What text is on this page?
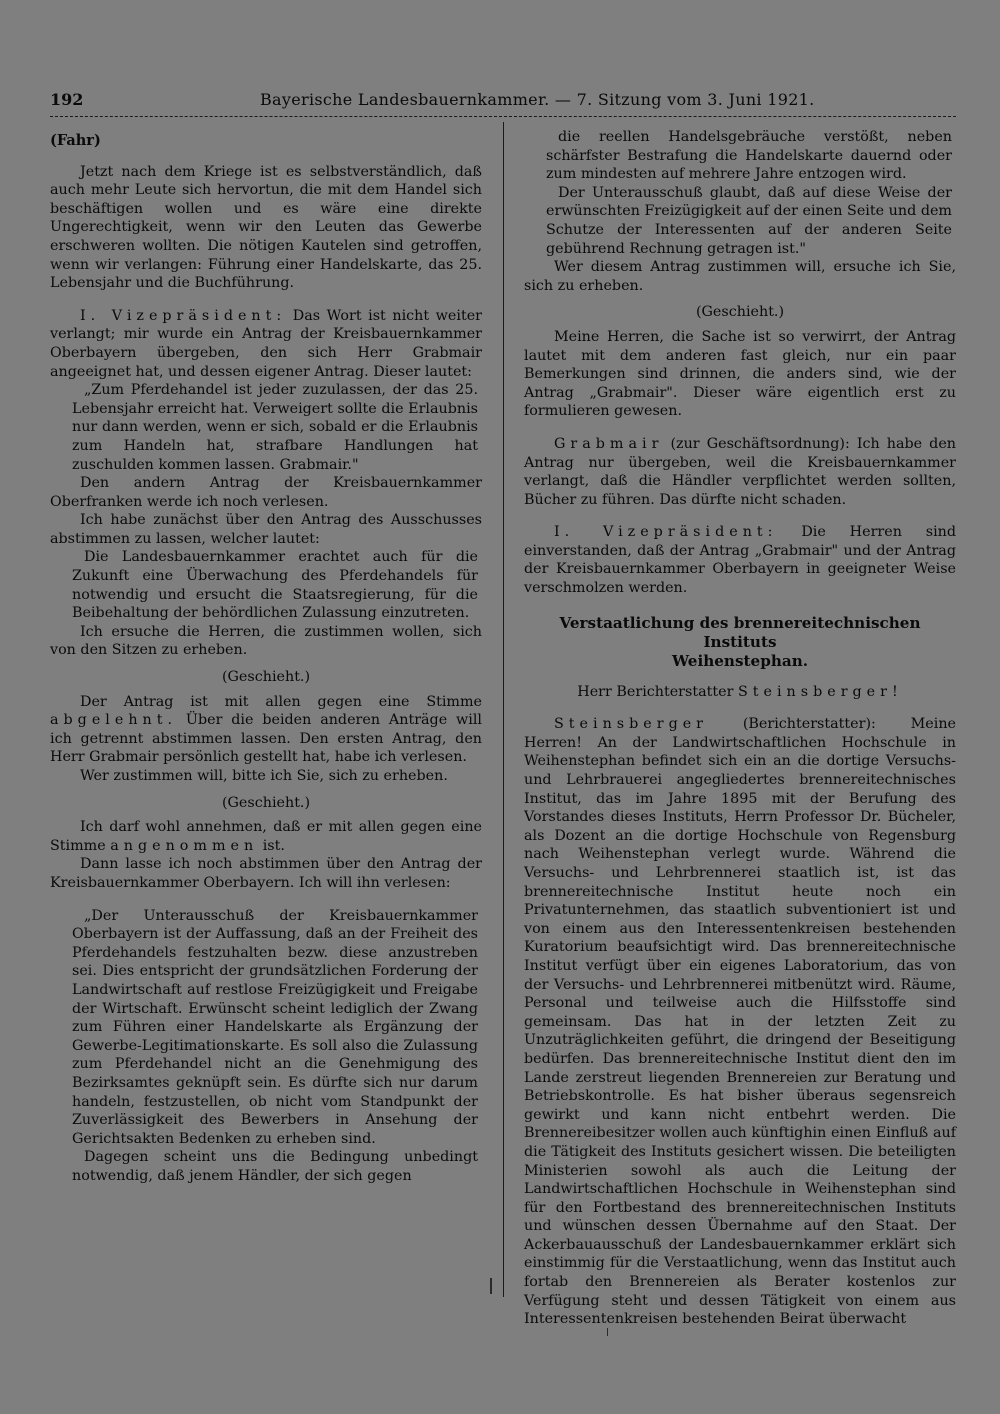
192	Bayerische Landesbauernkammer. — 7. Sitzung vom 3. Juni 1921.

(Fahr)

Jetzt nach dem Kriege ist es selbstverständlich, daß auch mehr Leute sich hervortun, die mit dem Handel sich beschäftigen wollen und es wäre eine direkte Ungerechtigkeit, wenn wir den Leuten das Gewerbe erschweren wollten. Die nötigen Kautelen sind getroffen, wenn wir verlangen: Führung einer Handelskarte, das 25. Lebensjahr und die Buchführung.

I. Vizepräsident: Das Wort ist nicht weiter verlangt; mir wurde ein Antrag der Kreisbauernkammer Oberbayern übergeben, den sich Herr Grabmair angeeignet hat, und dessen eigener Antrag. Dieser lautet:

„Zum Pferdehandel ist jeder zuzulassen, der das 25. Lebensjahr erreicht hat. Verweigert sollte die Erlaubnis nur dann werden, wenn er sich, sobald er die Erlaubnis zum Handeln hat, strafbare Handlungen hat zuschulden kommen lassen. Grabmair."

Den andern Antrag der Kreisbauernkammer Oberfranken werde ich noch verlesen.

Ich habe zunächst über den Antrag des Ausschusses abstimmen zu lassen, welcher lautet:

Die Landesbauernkammer erachtet auch für die Zukunft eine Überwachung des Pferdehandels für notwendig und ersucht die Staatsregierung, für die Beibehaltung der behördlichen Zulassung einzutreten.

Ich ersuche die Herren, die zustimmen wollen, sich von den Sitzen zu erheben.

(Geschieht.)

Der Antrag ist mit allen gegen eine Stimme abgelehnt. Über die beiden anderen Anträge will ich getrennt abstimmen lassen. Den ersten Antrag, den Herr Grabmair persönlich gestellt hat, habe ich verlesen.

Wer zustimmen will, bitte ich Sie, sich zu erheben.

(Geschieht.)

Ich darf wohl annehmen, daß er mit allen gegen eine Stimme angenommen ist.

Dann lasse ich noch abstimmen über den Antrag der Kreisbauernkammer Oberbayern. Ich will ihn verlesen:

„Der Unterausschuß der Kreisbauernkammer Oberbayern ist der Auffassung, daß an der Freiheit des Pferdehandels festzuhalten bezw. diese anzustreben sei. Dies entspricht der grundsätzlichen Forderung der Landwirtschaft auf restlose Freizügigkeit und Freigabe der Wirtschaft. Erwünscht scheint lediglich der Zwang zum Führen einer Handelskarte als Ergänzung der Gewerbe-Legitimationskarte. Es soll also die Zulassung zum Pferdehandel nicht an die Genehmigung des Bezirksamtes geknüpft sein. Es dürfte sich nur darum handeln, festzustellen, ob nicht vom Standpunkt der Zuverlässigkeit des Bewerbers in Ansehung der Gerichtsakten Bedenken zu erheben sind.

Dagegen scheint uns die Bedingung unbedingt notwendig, daß jenem Händler, der sich gegen

die reellen Handelsgebräuche verstößt, neben schärfster Bestrafung die Handelskarte dauernd oder zum mindesten auf mehrere Jahre entzogen wird.

Der Unterausschuß glaubt, daß auf diese Weise der erwünschten Freizügigkeit auf der einen Seite und dem Schutze der Interessenten auf der anderen Seite gebührend Rechnung getragen ist."

Wer diesem Antrag zustimmen will, ersuche ich Sie, sich zu erheben.

(Geschieht.)

Meine Herren, die Sache ist so verwirrt, der Antrag lautet mit dem anderen fast gleich, nur ein paar Bemerkungen sind drinnen, die anders sind, wie der Antrag „Grabmair". Dieser wäre eigentlich erst zu formulieren gewesen.

Grabmair (zur Geschäftsordnung): Ich habe den Antrag nur übergeben, weil die Kreisbauernkammer verlangt, daß die Händler verpflichtet werden sollten, Bücher zu führen. Das dürfte nicht schaden.

I. Vizepräsident: Die Herren sind einverstanden, daß der Antrag „Grabmair" und der Antrag der Kreisbauernkammer Oberbayern in geeigneter Weise verschmolzen werden.

Verstaatlichung des brennereitechnischen Instituts
Weihenstephan.

Herr Berichterstatter Steinsberger!

Steinsberger (Berichterstatter): Meine Herren! An der Landwirtschaftlichen Hochschule in Weihenstephan befindet sich ein an die dortige Versuchs- und Lehrbrauerei angegliedertes brennereitechnisches Institut, das im Jahre 1895 mit der Berufung des Vorstandes dieses Instituts, Herrn Professor Dr. Bücheler, als Dozent an die dortige Hochschule von Regensburg nach Weihenstephan verlegt wurde. Während die Versuchs- und Lehrbrennerei staatlich ist, ist das brennereitechnische Institut heute noch ein Privatunternehmen, das staatlich subventioniert ist und von einem aus den Interessentenkreisen bestehenden Kuratorium beaufsichtigt wird. Das brennereitechnische Institut verfügt über ein eigenes Laboratorium, das von der Versuchs- und Lehrbrennerei mitbenützt wird. Räume, Personal und teilweise auch die Hilfsstoffe sind gemeinsam. Das hat in der letzten Zeit zu Unzuträglichkeiten geführt, die dringend der Beseitigung bedürfen. Das brennereitechnische Institut dient den im Lande zerstreut liegenden Brennereien zur Beratung und Betriebskontrolle. Es hat bisher überaus segensreich gewirkt und kann nicht entbehrt werden. Die Brennereibesitzer wollen auch künftighin einen Einfluß auf die Tätigkeit des Instituts gesichert wissen. Die beteiligten Ministerien sowohl als auch die Leitung der Landwirtschaftlichen Hochschule in Weihenstephan sind für den Fortbestand des brennereitechnischen Instituts und wünschen dessen Übernahme auf den Staat. Der Ackerbauausschuß der Landesbauernkammer erklärt sich einstimmig für die Verstaatlichung, wenn das Institut auch fortab den Brennereien als Berater kostenlos zur Verfügung steht und dessen Tätigkeit von einem aus Interessentenkreisen bestehenden Beirat überwacht
